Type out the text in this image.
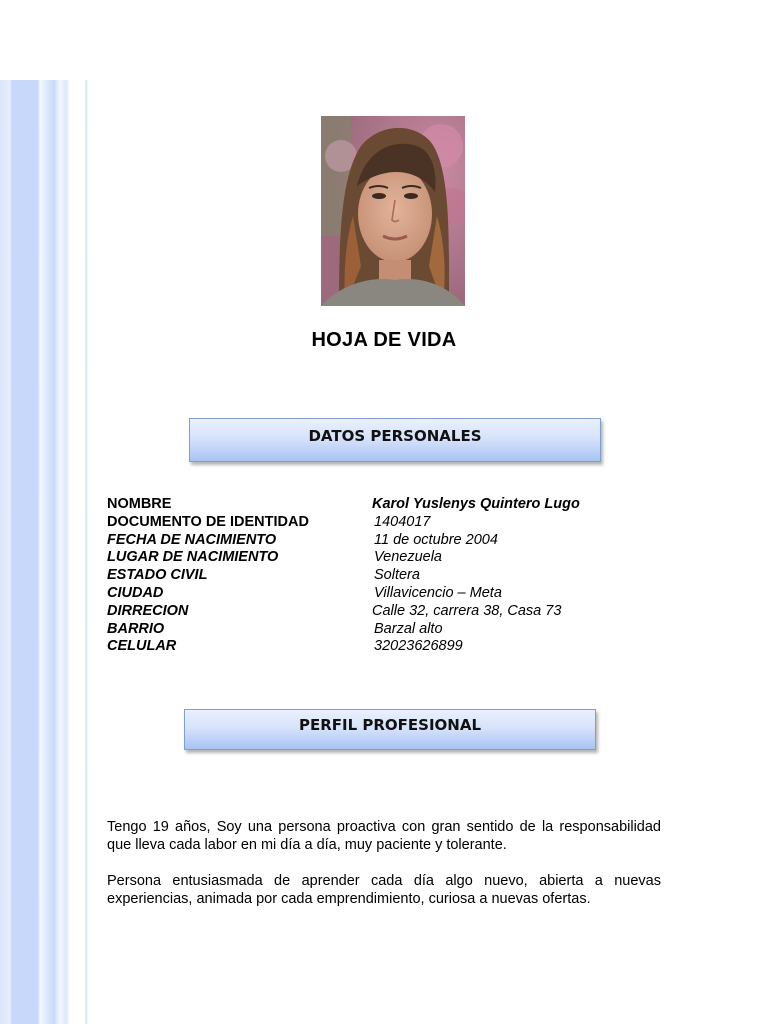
HOJA DE VIDA
DATOS PERSONALES
NOMBRE	Karol Yuslenys Quintero Lugo
DOCUMENTO DE IDENTIDAD	1404017
FECHA DE NACIMIENTO	11 de octubre 2004
LUGAR DE NACIMIENTO	Venezuela
ESTADO CIVIL	Soltera
CIUDAD	Villavicencio – Meta
DIRRECION	Calle 32, carrera 38, Casa 73
BARRIO	Barzal alto
CELULAR	32023626899
PERFIL PROFESIONAL

Tengo 19 años, Soy una persona proactiva con gran sentido de la responsabilidad que lleva cada labor en mi día a día, muy paciente y tolerante.

Persona entusiasmada de aprender cada día algo nuevo, abierta a nuevas experiencias, animada por cada emprendimiento, curiosa a nuevas ofertas.
